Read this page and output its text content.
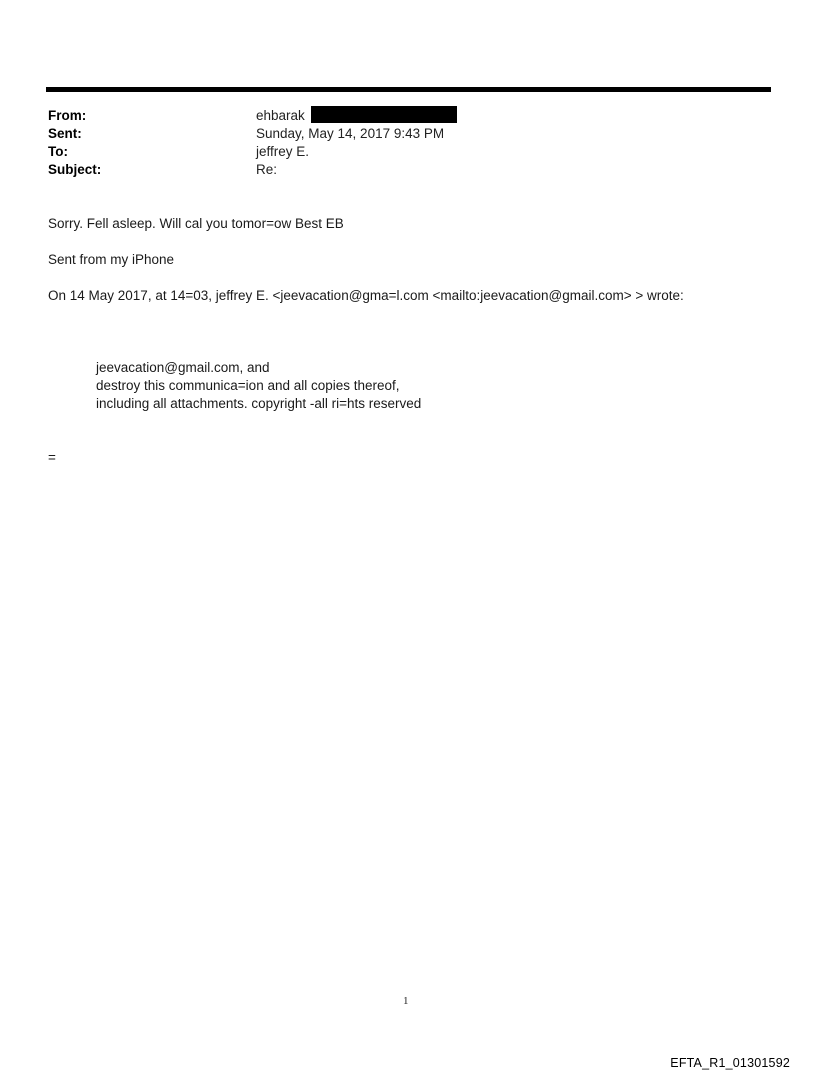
From:	ehbarak
Sent:	Sunday, May 14, 2017 9:43 PM
To:	jeffrey E.
Subject:	Re:
Sorry. Fell asleep. Will cal you tomor=ow Best EB
Sent from my iPhone
On 14 May 2017, at 14=03, jeffrey E. <jeevacation@gma=l.com <mailto:jeevacation@gmail.com> > wrote:
jeevacation@gmail.com, and
destroy this communica=ion and all copies thereof,
including all attachments. copyright -all ri=hts reserved
=
1
EFTA_R1_01301592
